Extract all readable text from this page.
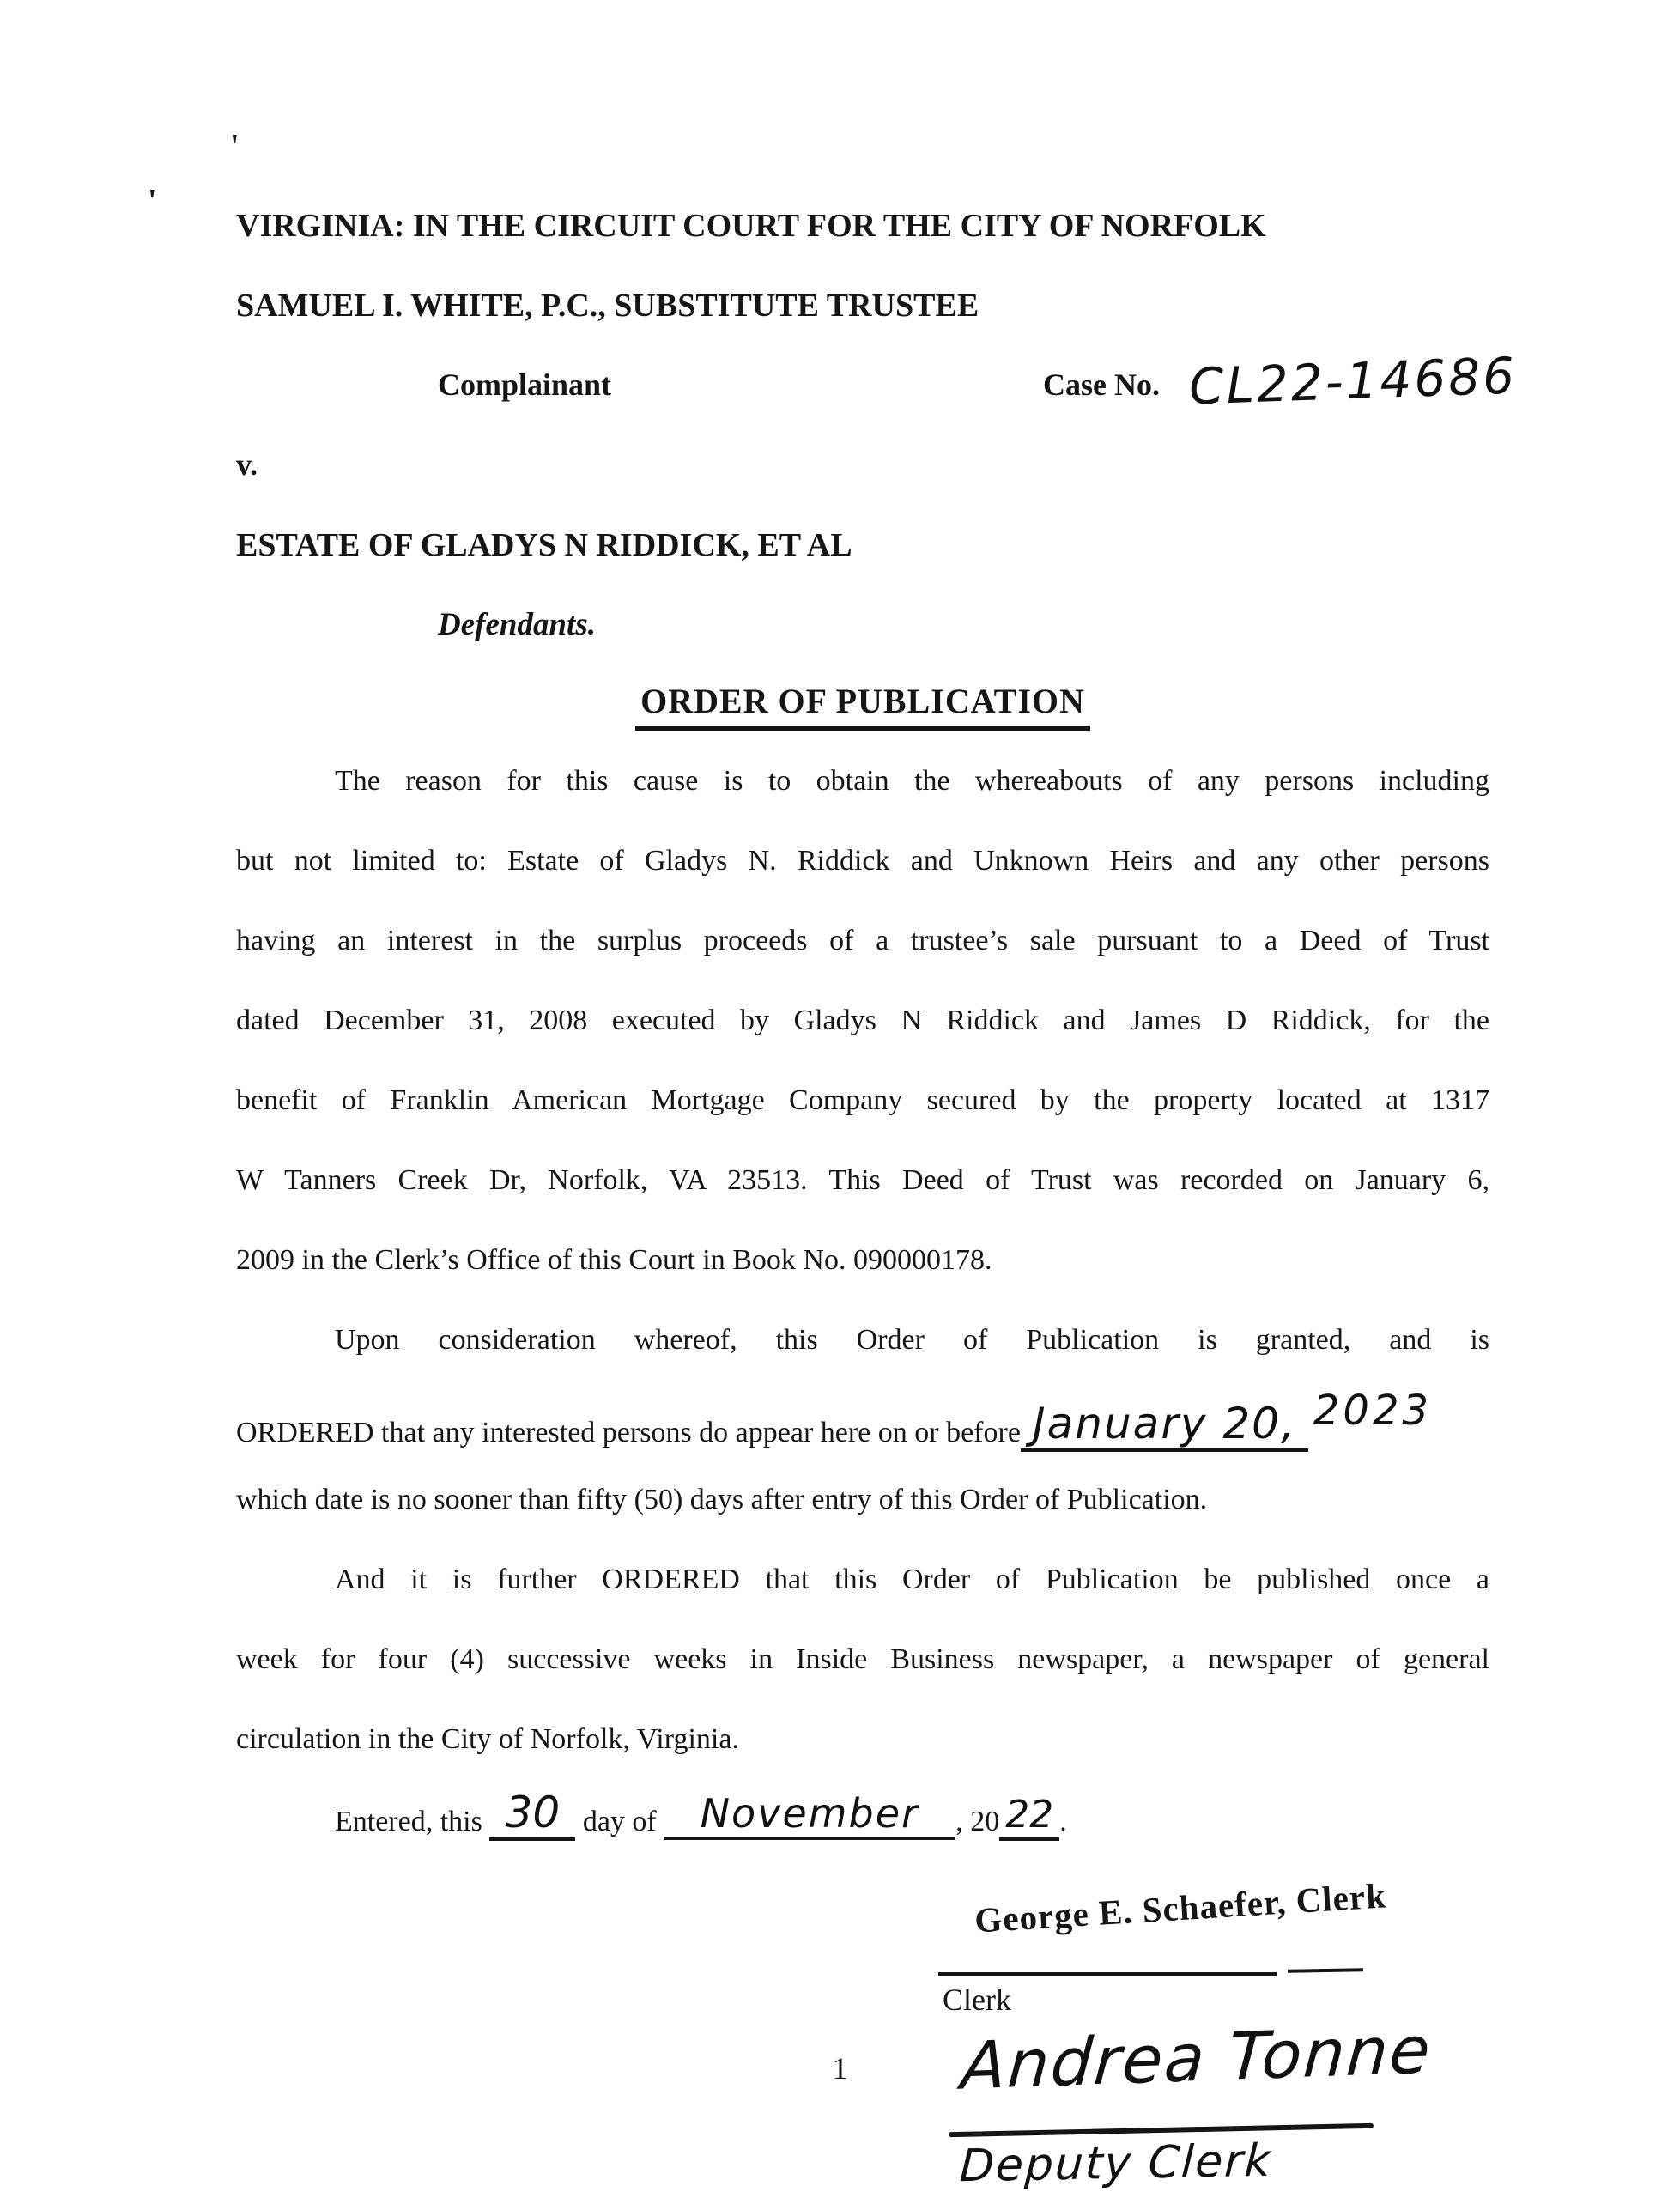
'
'
VIRGINIA: IN THE CIRCUIT COURT FOR THE CITY OF NORFOLK
SAMUEL I. WHITE, P.C., SUBSTITUTE TRUSTEE
Complainant	Case No. CL22-14686
v.
ESTATE OF GLADYS N RIDDICK, ET AL
Defendants.
ORDER OF PUBLICATION
The reason for this cause is to obtain the whereabouts of any persons including
but not limited to: Estate of Gladys N. Riddick and Unknown Heirs and any other persons
having an interest in the surplus proceeds of a trustee’s sale pursuant to a Deed of Trust
dated December 31, 2008 executed by Gladys N Riddick and James D Riddick, for the
benefit of Franklin American Mortgage Company secured by the property located at 1317
W Tanners Creek Dr, Norfolk, VA 23513. This Deed of Trust was recorded on January 6,
2009 in the Clerk’s Office of this Court in Book No. 090000178.
Upon consideration whereof, this Order of Publication is granted, and is
ORDERED that any interested persons do appear here on or before January 20, 2023
which date is no sooner than fifty (50) days after entry of this Order of Publication.
And it is further ORDERED that this Order of Publication be published once a
week for four (4) successive weeks in Inside Business newspaper, a newspaper of general
circulation in the City of Norfolk, Virginia.
Entered, this 30 day of November , 20 22 .
George E. Schaefer, Clerk
Clerk
Andrea Tonne
Deputy Clerk
1
